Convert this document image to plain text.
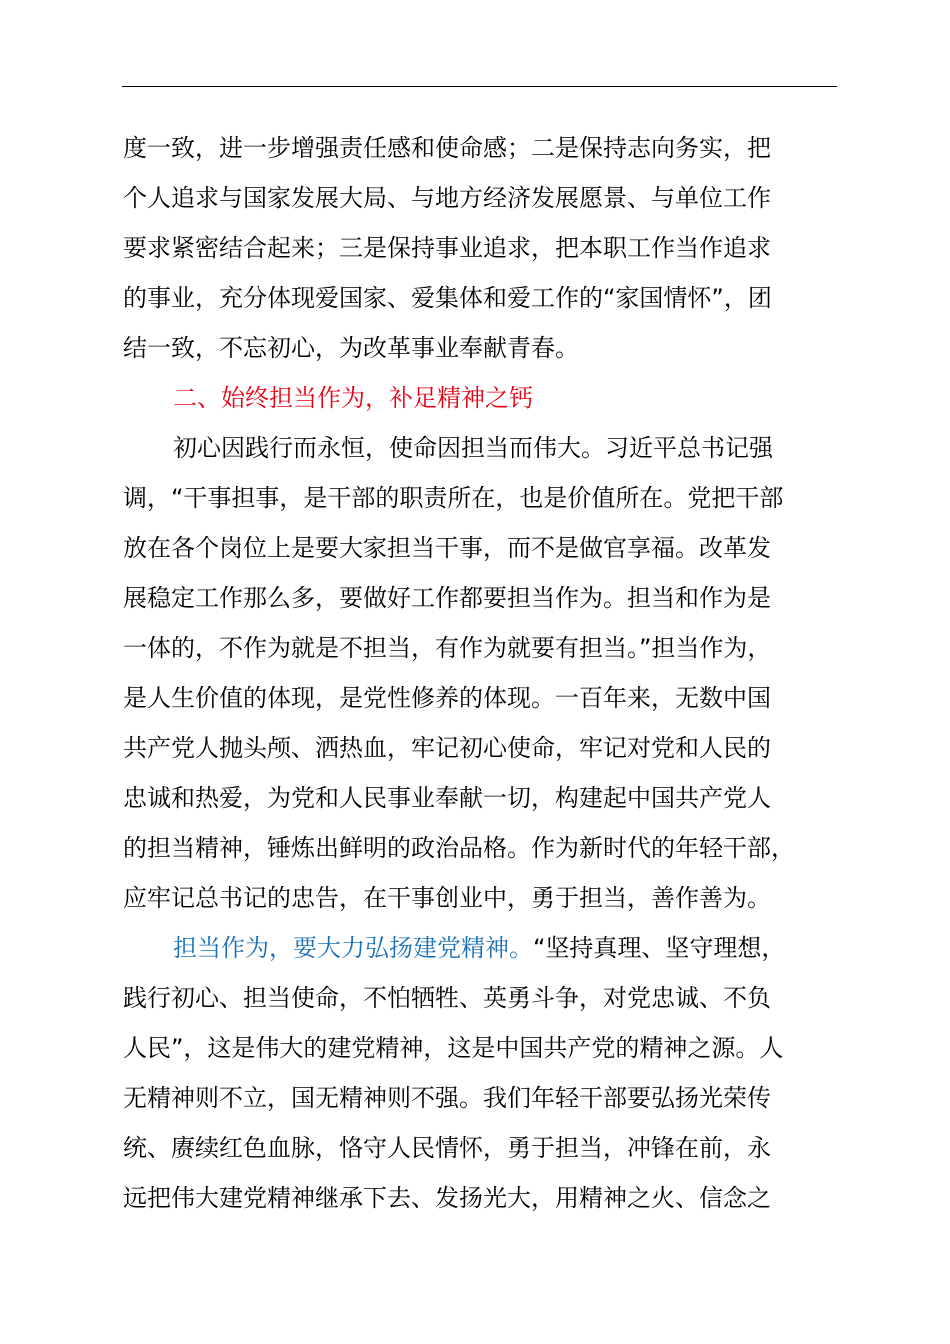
度一致，进一步增强责任感和使命感；二是保持志向务实，把
个人追求与国家发展大局、与地方经济发展愿景、与单位工作
要求紧密结合起来；三是保持事业追求，把本职工作当作追求
的事业，充分体现爱国家、爱集体和爱工作的“家国情怀”，团
结一致，不忘初心，为改革事业奉献青春。
二、始终担当作为，补足精神之钙
初心因践行而永恒，使命因担当而伟大。习近平总书记强
调，“干事担事，是干部的职责所在，也是价值所在。党把干部
放在各个岗位上是要大家担当干事，而不是做官享福。改革发
展稳定工作那么多，要做好工作都要担当作为。担当和作为是
一体的，不作为就是不担当，有作为就要有担当。”担当作为，
是人生价值的体现，是党性修养的体现。一百年来，无数中国
共产党人抛头颅、洒热血，牢记初心使命，牢记对党和人民的
忠诚和热爱，为党和人民事业奉献一切，构建起中国共产党人
的担当精神，锤炼出鲜明的政治品格。作为新时代的年轻干部，
应牢记总书记的忠告，在干事创业中，勇于担当，善作善为。
担当作为，要大力弘扬建党精神。“坚持真理、坚守理想，
践行初心、担当使命，不怕牺牲、英勇斗争，对党忠诚、不负
人民”，这是伟大的建党精神，这是中国共产党的精神之源。人
无精神则不立，国无精神则不强。我们年轻干部要弘扬光荣传
统、赓续红色血脉，恪守人民情怀，勇于担当，冲锋在前，永
远把伟大建党精神继承下去、发扬光大，用精神之火、信念之
